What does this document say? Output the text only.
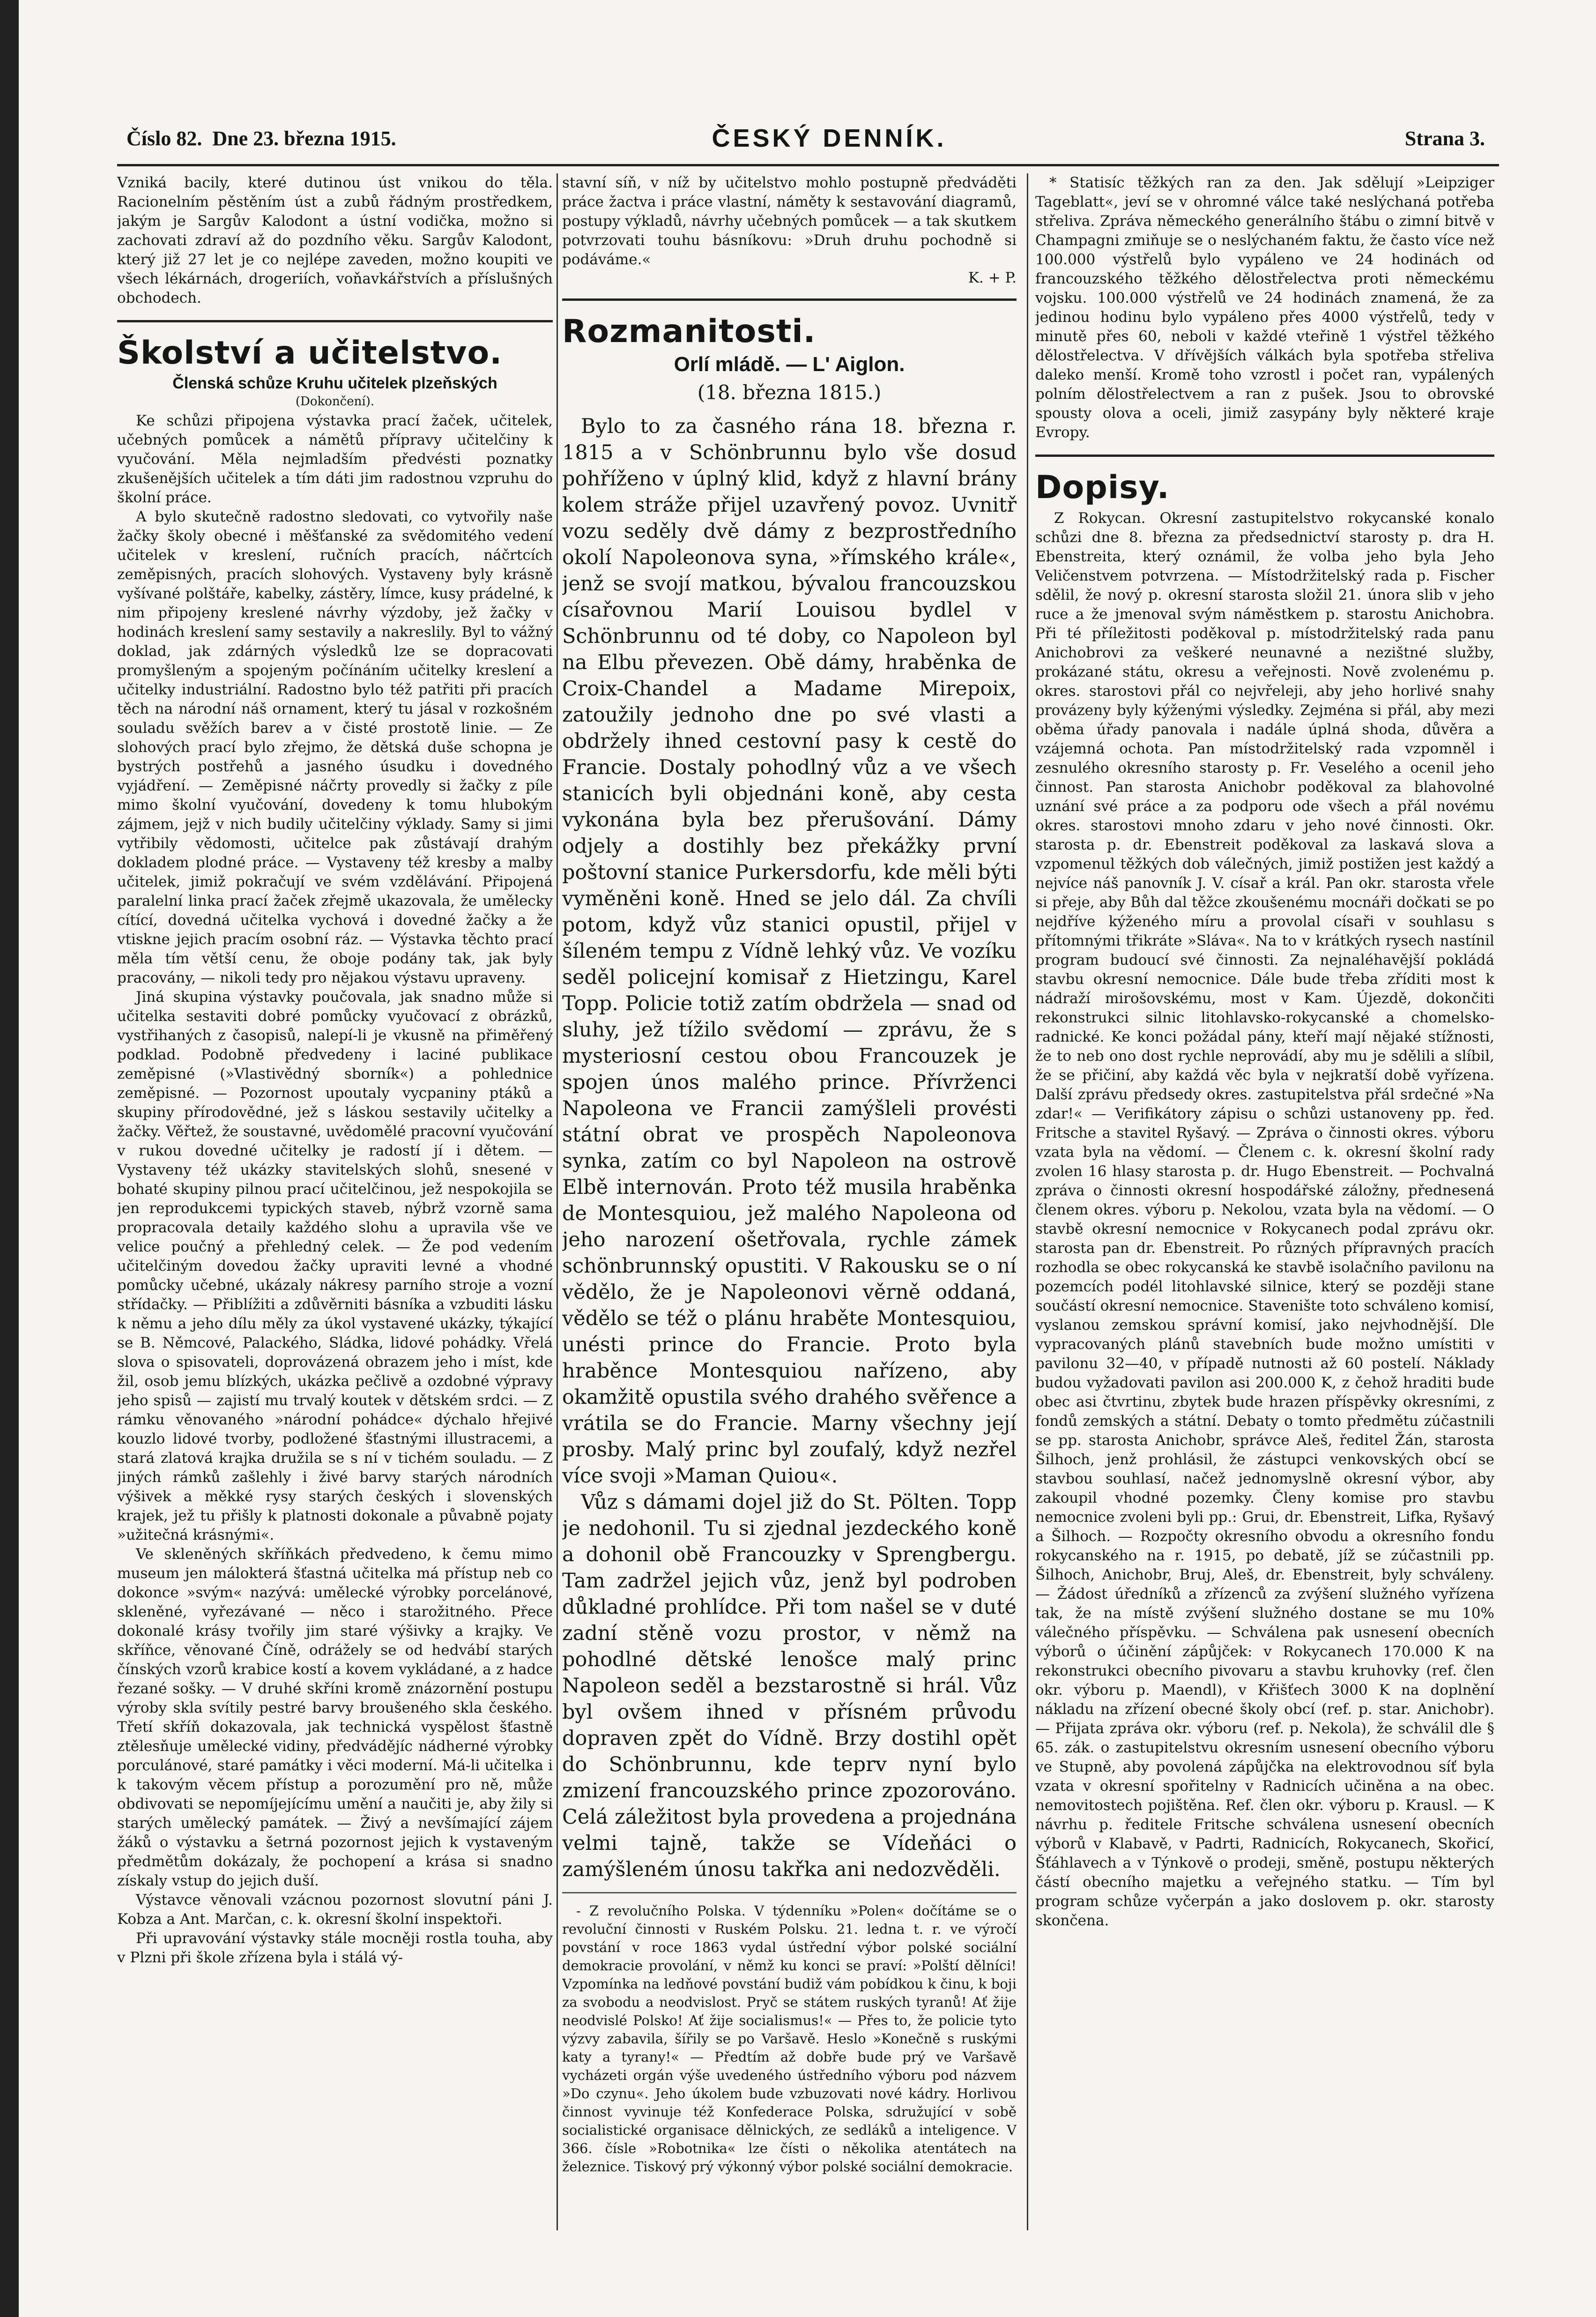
Číslo 82. Dne 23. března 1915.	ČESKÝ DENNÍK.	Strana 3.

Vzniká bacily, které dutinou úst vnikou do těla. Racionelním pěstěním úst a zubů řádným prostředkem, jakým je Sargův Kalodont a ústní vodička, možno si zachovati zdraví až do pozdního věku. Sargův Kalodont, který již 27 let je co nejlépe zaveden, možno koupiti ve všech lékárnách, drogeriích, voňavkářstvích a příslušných obchodech.

Školství a učitelstvo.
Členská schůze Kruhu učitelek plzeňských
(Dokončení).

Ke schůzi připojena výstavka prací žaček, učitelek, učebných pomůcek a námětů přípravy učitelčiny k vyučování. Měla nejmladším předvésti poznatky zkušenějších učitelek a tím dáti jim radostnou vzpruhu do školní práce.

A bylo skutečně radostno sledovati, co vytvořily naše žačky školy obecné i měšťanské za svědomitého vedení učitelek v kreslení, ručních pracích, náčrtcích zeměpisných, pracích slohových. Vystaveny byly krásně vyšívané polštáře, kabelky, zástěry, límce, kusy prádelné, k nim připojeny kreslené návrhy výzdoby, jež žačky v hodinách kreslení samy sestavily a nakreslily. Byl to vážný doklad, jak zdárných výsledků lze se dopracovati promyšleným a spojeným počínáním učitelky kreslení a učitelky industriální. Radostno bylo též patřiti při pracích těch na národní náš ornament, který tu jásal v rozkošném souladu svěžích barev a v čisté prostotě linie. — Ze slohových prací bylo zřejmo, že dětská duše schopna je bystrých postřehů a jasného úsudku i dovedného vyjádření. — Zeměpisné náčrty provedly si žačky z píle mimo školní vyučování, dovedeny k tomu hlubokým zájmem, jejž v nich budily učitelčiny výklady. Samy si jimi vytřibily vědomosti, učitelce pak zůstávají drahým dokladem plodné práce. — Vystaveny též kresby a malby učitelek, jimiž pokračují ve svém vzdělávání. Připojená paralelní linka prací žaček zřejmě ukazovala, že umělecky cítící, dovedná učitelka vychová i dovedné žačky a že vtiskne jejich pracím osobní ráz. — Výstavka těchto prací měla tím větší cenu, že oboje podány tak, jak byly pracovány, — nikoli tedy pro nějakou výstavu upraveny.

Jiná skupina výstavky poučovala, jak snadno může si učitelka sestaviti dobré pomůcky vyučovací z obrázků, vystřihaných z časopisů, nalepí-li je vkusně na přiměřený podklad. Podobně předvedeny i laciné publikace zeměpisné (»Vlastivědný sborník«) a pohlednice zeměpisné. — Pozornost upoutaly vycpaniny ptáků a skupiny přírodovědné, jež s láskou sestavily učitelky a žačky. Věřtež, že soustavné, uvědomělé pracovní vyučování v rukou dovedné učitelky je radostí jí i dětem. — Vystaveny též ukázky stavitelských slohů, snesené v bohaté skupiny pilnou prací učitelčinou, jež nespokojila se jen reprodukcemi typických staveb, nýbrž vzorně sama propracovala detaily každého slohu a upravila vše ve velice poučný a přehledný celek. — Že pod vedením učitelčiným dovedou žačky upraviti levné a vhodné pomůcky učebné, ukázaly nákresy parního stroje a vozní střídačky. — Přiblížiti a zdůvěrniti básníka a vzbuditi lásku k němu a jeho dílu měly za úkol vystavené ukázky, týkající se B. Němcové, Palackého, Sládka, lidové pohádky. Vřelá slova o spisovateli, doprovázená obrazem jeho i míst, kde žil, osob jemu blízkých, ukázka pečlivě a ozdobné výpravy jeho spisů — zajistí mu trvalý koutek v dětském srdci. — Z rámku věnovaného »národní pohádce« dýchalo hřejivé kouzlo lidové tvorby, podložené šťastnými illustracemi, a stará zlatová krajka družila se s ní v tichém souladu. — Z jiných rámků zašlehly i živé barvy starých národních výšivek a měkké rysy starých českých i slovenských krajek, jež tu přišly k platnosti dokonale a půvabně pojaty »užitečná krásnými«.

Ve skleněných skříňkách předvedeno, k čemu mimo museum jen málokterá šťastná učitelka má přístup neb co dokonce »svým« nazývá: umělecké výrobky porcelánové, skleněné, vyřezávané — něco i starožitného. Přece dokonalé krásy tvořily jim staré výšivky a krajky. Ve skříňce, věnované Číně, odrážely se od hedvábí starých čínských vzorů krabice kostí a kovem vykládané, a z hadce řezané sošky. — V druhé skříni kromě znázornění postupu výroby skla svítily pestré barvy broušeného skla českého. Třetí skříň dokazovala, jak technická vyspělost šťastně ztělesňuje umělecké vidiny, předvádějíc nádherné výrobky porculánové, staré památky i věci moderní. Má-li učitelka i k takovým věcem přístup a porozumění pro ně, může obdivovati se nepomíjejícímu umění a naučiti je, aby žily si starých umělecký památek. — Živý a nevšímající zájem žáků o výstavku a šetrná pozornost jejich k vystaveným předmětům dokázaly, že pochopení a krása si snadno získaly vstup do jejich duší.

Výstavce věnovali vzácnou pozornost slovutní páni J. Kobza a Ant. Marčan, c. k. okresní školní inspektoři.

Při upravování výstavky stále mocněji rostla touha, aby v Plzni při škole zřízena byla i stálá vý-

stavní síň, v níž by učitelstvo mohlo postupně předváděti práce žactva i práce vlastní, náměty k sestavování diagramů, postupy výkladů, návrhy učebných pomůcek — a tak skutkem potvrzovati touhu básníkovu: »Druh druhu pochodně si podáváme.«

K. + P.
Rozmanitosti.
Orlí mládě. — L' Aiglon.
(18. března 1815.)

Bylo to za časného rána 18. března r. 1815 a v Schönbrunnu bylo vše dosud pohříženo v úplný klid, když z hlavní brány kolem stráže přijel uzavřený povoz. Uvnitř vozu seděly dvě dámy z bezprostředního okolí Napoleonova syna, »římského krále«, jenž se svojí matkou, bývalou francouzskou císařovnou Marií Louisou bydlel v Schönbrunnu od té doby, co Napoleon byl na Elbu převezen. Obě dámy, hraběnka de Croix-Chandel a Madame Mirepoix, zatoužily jednoho dne po své vlasti a obdržely ihned cestovní pasy k cestě do Francie. Dostaly pohodlný vůz a ve všech stanicích byli objednáni koně, aby cesta vykonána byla bez přerušování. Dámy odjely a dostihly bez překážky první poštovní stanice Purkersdorfu, kde měli býti vyměněni koně. Hned se jelo dál. Za chvíli potom, když vůz stanici opustil, přijel v šíleném tempu z Vídně lehký vůz. Ve vozíku seděl policejní komisař z Hietzingu, Karel Topp. Policie totiž zatím obdržela — snad od sluhy, jež tížilo svědomí — zprávu, že s mysteriosní cestou obou Francouzek je spojen únos malého prince. Přívrženci Napoleona ve Francii zamýšleli provésti státní obrat ve prospěch Napoleonova synka, zatím co byl Napoleon na ostrově Elbě internován. Proto též musila hraběnka de Montesquiou, jež malého Napoleona od jeho narození ošetřovala, rychle zámek schönbrunnský opustiti. V Rakousku se o ní vědělo, že je Napoleonovi věrně oddaná, vědělo se též o plánu hraběte Montesquiou, unésti prince do Francie. Proto byla hraběnce Montesquiou nařízeno, aby okamžitě opustila svého drahého svěřence a vrátila se do Francie. Marny všechny její prosby. Malý princ byl zoufalý, když nezřel více svoji »Maman Quiou«.

Vůz s dámami dojel již do St. Pölten. Topp je nedohonil. Tu si zjednal jezdeckého koně a dohonil obě Francouzky v Sprengbergu. Tam zadržel jejich vůz, jenž byl podroben důkladné prohlídce. Při tom našel se v duté zadní stěně vozu prostor, v němž na pohodlné dětské lenošce malý princ Napoleon seděl a bezstarostně si hrál. Vůz byl ovšem ihned v přísném průvodu dopraven zpět do Vídně. Brzy dostihl opět do Schönbrunnu, kde teprv nyní bylo zmizení francouzského prince zpozorováno. Celá záležitost byla provedena a projednána velmi tajně, takže se Vídeňáci o zamýšleném únosu takřka ani nedozvěděli.

- Z revolučního Polska. V týdenníku »Polen« dočítáme se o revoluční činnosti v Ruském Polsku. 21. ledna t. r. ve výročí povstání v roce 1863 vydal ústřední výbor polské sociální demokracie provolání, v němž ku konci se praví: »Polští dělníci! Vzpomínka na ledňové povstání budiž vám pobídkou k činu, k boji za svobodu a neodvislost. Pryč se státem ruských tyranů! Ať žije neodvislé Polsko! Ať žije socialismus!« — Přes to, že policie tyto výzvy zabavila, šířily se po Varšavě. Heslo »Konečně s ruskými katy a tyrany!« — Předtím až dobře bude prý ve Varšavě vycházeti orgán výše uvedeného ústředního výboru pod názvem »Do czynu«. Jeho úkolem bude vzbuzovati nové kádry. Horlivou činnost vyvinuje též Konfederace Polska, sdružující v sobě socialistické organisace dělnických, ze sedláků a inteligence. V 366. čísle »Robotnika« lze čísti o několika atentátech na železnice. Tiskový prý výkonný výbor polské sociální demokracie.

* Statisíc těžkých ran za den. Jak sdělují »Leipziger Tageblatt«, jeví se v ohromné válce také neslýchaná potřeba střeliva. Zpráva německého generálního štábu o zimní bitvě v Champagni zmiňuje se o neslýchaném faktu, že často více než 100.000 výstřelů bylo vypáleno ve 24 hodinách od francouzského těžkého dělostřelectva proti německému vojsku. 100.000 výstřelů ve 24 hodinách znamená, že za jedinou hodinu bylo vypáleno přes 4000 výstřelů, tedy v minutě přes 60, neboli v každé vteřině 1 výstřel těžkého dělostřelectva. V dřívějších válkách byla spotřeba střeliva daleko menší. Kromě toho vzrostl i počet ran, vypálených polním dělostřelectvem a ran z pušek. Jsou to obrovské spousty olova a oceli, jimiž zasypány byly některé kraje Evropy.

Dopisy.

Z Rokycan. Okresní zastupitelstvo rokycanské konalo schůzi dne 8. března za předsednictví starosty p. dra H. Ebenstreita, který oznámil, že volba jeho byla Jeho Veličenstvem potvrzena. — Místodržitelský rada p. Fischer sdělil, že nový p. okresní starosta složil 21. února slib v jeho ruce a že jmenoval svým náměstkem p. starostu Anichobra. Při té příležitosti poděkoval p. místodržitelský rada panu Anichobrovi za veškeré neunavné a nezištné služby, prokázané státu, okresu a veřejnosti. Nově zvolenému p. okres. starostovi přál co nejvřeleji, aby jeho horlivé snahy provázeny byly kýženými výsledky. Zejména si přál, aby mezi oběma úřady panovala i nadále úplná shoda, důvěra a vzájemná ochota. Pan místodržitelský rada vzpomněl i zesnulého okresního starosty p. Fr. Veselého a ocenil jeho činnost. Pan starosta Anichobr poděkoval za blahovolné uznání své práce a za podporu ode všech a přál novému okres. starostovi mnoho zdaru v jeho nové činnosti. Okr. starosta p. dr. Ebenstreit poděkoval za laskavá slova a vzpomenul těžkých dob válečných, jimiž postižen jest každý a nejvíce náš panovník J. V. císař a král. Pan okr. starosta vřele si přeje, aby Bůh dal těžce zkoušenému mocnáři dočkati se po nejdříve kýženého míru a provolal císaři v souhlasu s přítomnými třikráte »Sláva«. Na to v krátkých rysech nastínil program budoucí své činnosti. Za nejnaléhavější pokládá stavbu okresní nemocnice. Dále bude třeba zříditi most k nádraží mirošovskému, most v Kam. Újezdě, dokončiti rekonstrukci silnic litohlavsko-rokycanské a chomelsko-radnické. Ke konci požádal pány, kteří mají nějaké stížnosti, že to neb ono dost rychle neprovádí, aby mu je sdělili a slíbil, že se přičiní, aby každá věc byla v nejkratší době vyřízena. Další zprávu předsedy okres. zastupitelstva přál srdečné »Na zdar!« — Verifikátory zápisu o schůzi ustanoveny pp. řed. Fritsche a stavitel Ryšavý. — Zpráva o činnosti okres. výboru vzata byla na vědomí. — Členem c. k. okresní školní rady zvolen 16 hlasy starosta p. dr. Hugo Ebenstreit. — Pochvalná zpráva o činnosti okresní hospodářské záložny, přednesená členem okres. výboru p. Nekolou, vzata byla na vědomí. — O stavbě okresní nemocnice v Rokycanech podal zprávu okr. starosta pan dr. Ebenstreit. Po různých přípravných pracích rozhodla se obec rokycanská ke stavbě isolačního pavilonu na pozemcích podél litohlavské silnice, který se později stane součástí okresní nemocnice. Stavenište toto schváleno komisí, vyslanou zemskou správní komisí, jako nejvhodnější. Dle vypracovaných plánů stavebních bude možno umístiti v pavilonu 32—40, v případě nutnosti až 60 postelí. Náklady budou vyžadovati pavilon asi 200.000 K, z čehož hraditi bude obec asi čtvrtinu, zbytek bude hrazen příspěvky okresními, z fondů zemských a státní. Debaty o tomto předmětu zúčastnili se pp. starosta Anichobr, správce Aleš, ředitel Žán, starosta Šilhoch, jenž prohlásil, že zástupci venkovských obcí se stavbou souhlasí, načež jednomyslně okresní výbor, aby zakoupil vhodné pozemky. Členy komise pro stavbu nemocnice zvoleni byli pp.: Grui, dr. Ebenstreit, Lifka, Ryšavý a Šilhoch. — Rozpočty okresního obvodu a okresního fondu rokycanského na r. 1915, po debatě, jíž se zúčastnili pp. Šilhoch, Anichobr, Bruj, Aleš, dr. Ebenstreit, byly schváleny. — Žádost úředníků a zřízenců za zvýšení služného vyřízena tak, že na místě zvýšení služného dostane se mu 10% válečného příspěvku. — Schválena pak usnesení obecních výborů o účinění zápůjček: v Rokycanech 170.000 K na rekonstrukci obecního pivovaru a stavbu kruhovky (ref. člen okr. výboru p. Maendl), v Křišťech 3000 K na doplnění nákladu na zřízení obecné školy obcí (ref. p. star. Anichobr). — Přijata zpráva okr. výboru (ref. p. Nekola), že schválil dle § 65. zák. o zastupitelstvu okresním usnesení obecního výboru ve Stupně, aby povolená zápůjčka na elektrovodnou síť byla vzata v okresní spořitelny v Radnicích učiněna a na obec. nemovitostech pojištěna. Ref. člen okr. výboru p. Krausl. — K návrhu p. ředitele Fritsche schválena usnesení obecních výborů v Klabavě, v Padrti, Radnicích, Rokycanech, Skořicí, Šťáhlavech a v Týnkově o prodeji, směně, postupu některých částí obecního majetku a veřejného statku. — Tím byl program schůze vyčerpán a jako doslovem p. okr. starosty skončena.
